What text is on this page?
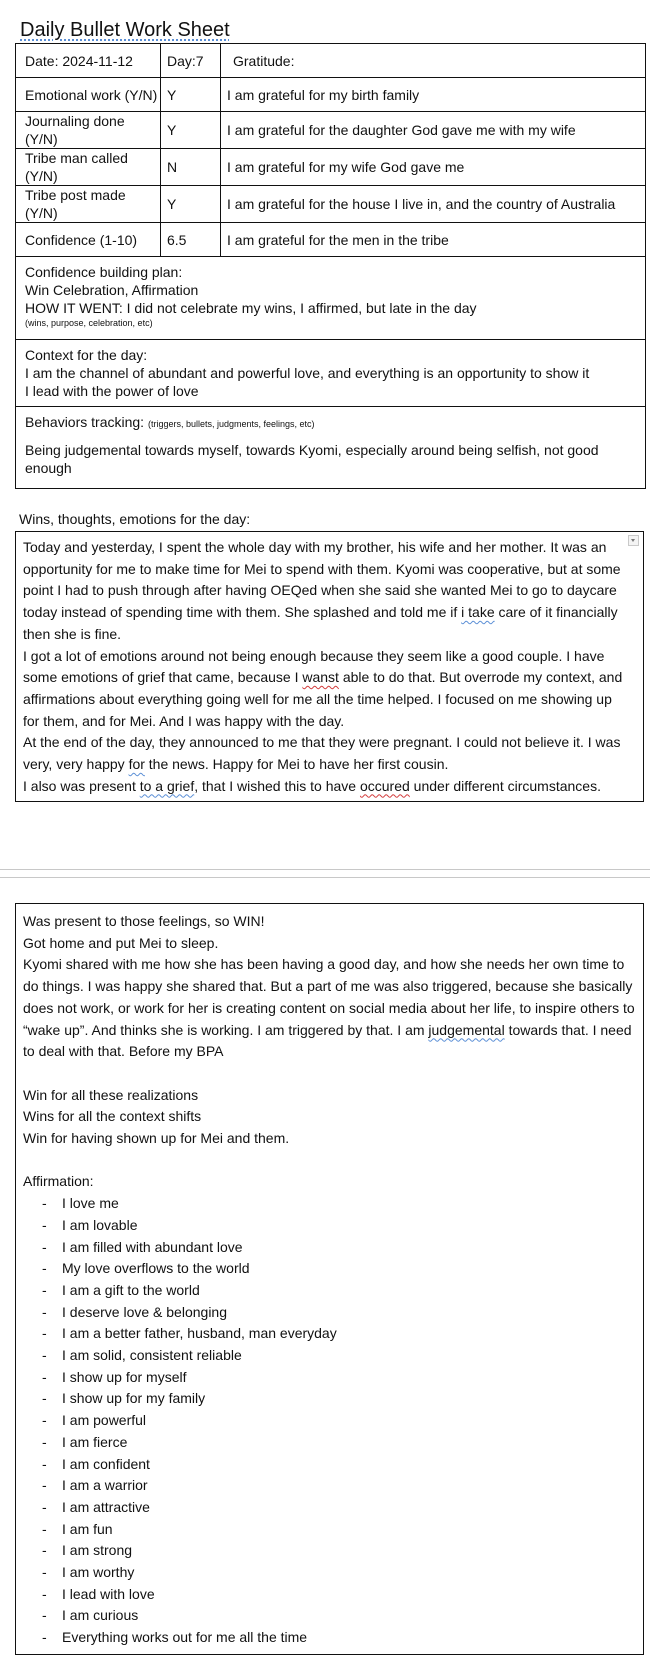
Daily Bullet Work Sheet
Date: 2024-11-12	Day:7	Gratitude:
Emotional work (Y/N)	Y	I am grateful for my birth family
Journaling done (Y/N)	Y	I am grateful for the daughter God gave me with my wife
Tribe man called (Y/N)	N	I am grateful for my wife God gave me
Tribe post made (Y/N)	Y	I am grateful for the house I live in, and the country of Australia
Confidence (1-10)	6.5	I am grateful for the men in the tribe

Confidence building plan:
Win Celebration, Affirmation
HOW IT WENT: I did not celebrate my wins, I affirmed, but late in the day
(wins, purpose, celebration, etc)		

Context for the day:
I am the channel of abundant and powerful love, and everything is an opportunity to show it
I lead with the power of love		

Behaviors tracking: (triggers, bullets, judgments, feelings, etc)
Being judgemental towards myself, towards Kyomi, especially around being selfish, not good enough		
Wins, thoughts, emotions for the day:

Today and yesterday, I spent the whole day with my brother, his wife and her mother. It was an opportunity for me to make time for Mei to spend with them. Kyomi was cooperative, but at some point I had to push through after having OEQed when she said she wanted Mei to go to daycare today instead of spending time with them. She splashed and told me if i take care of it financially then she is fine.

I got a lot of emotions around not being enough because they seem like a good couple. I have some emotions of grief that came, because I wanst able to do that. But overrode my context, and affirmations about everything going well for me all the time helped. I focused on me showing up for them, and for Mei. And I was happy with the day.

At the end of the day, they announced to me that they were pregnant. I could not believe it. I was very, very happy for the news. Happy for Mei to have her first cousin.

I also was present to a grief, that I wished this to have occured under different circumstances.

Was present to those feelings, so WIN!

Got home and put Mei to sleep.

Kyomi shared with me how she has been having a good day, and how she needs her own time to do things. I was happy she shared that. But a part of me was also triggered, because she basically does not work, or work for her is creating content on social media about her life, to inspire others to “wake up”. And thinks she is working. I am triggered by that. I am judgemental towards that. I need to deal with that. Before my BPA

Win for all these realizations

Wins for all the context shifts

Win for having shown up for Mei and them.

Affirmation:

- I love me
- I am lovable
- I am filled with abundant love
- My love overflows to the world
- I am a gift to the world
- I deserve love & belonging
- I am a better father, husband, man everyday
- I am solid, consistent reliable
- I show up for myself
- I show up for my family
- I am powerful
- I am fierce
- I am confident
- I am a warrior
- I am attractive
- I am fun
- I am strong
- I am worthy
- I lead with love
- I am curious
- Everything works out for me all the time
